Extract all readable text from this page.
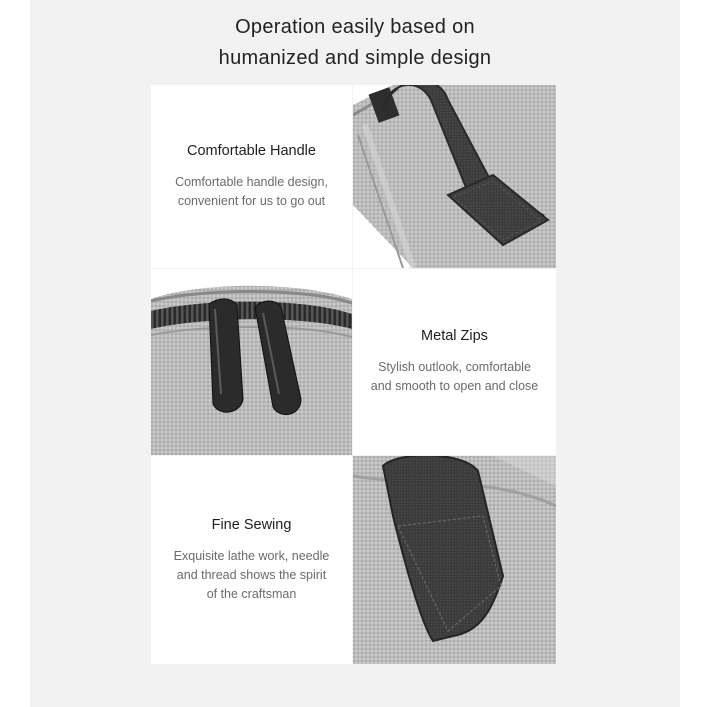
Operation easily based on
humanized and simple design
Comfortable Handle
Comfortable handle design,
convenient for us to go out
Metal Zips
Stylish outlook, comfortable
and smooth to open and close
Fine Sewing
Exquisite lathe work, needle
and thread shows the spirit
of the craftsman
